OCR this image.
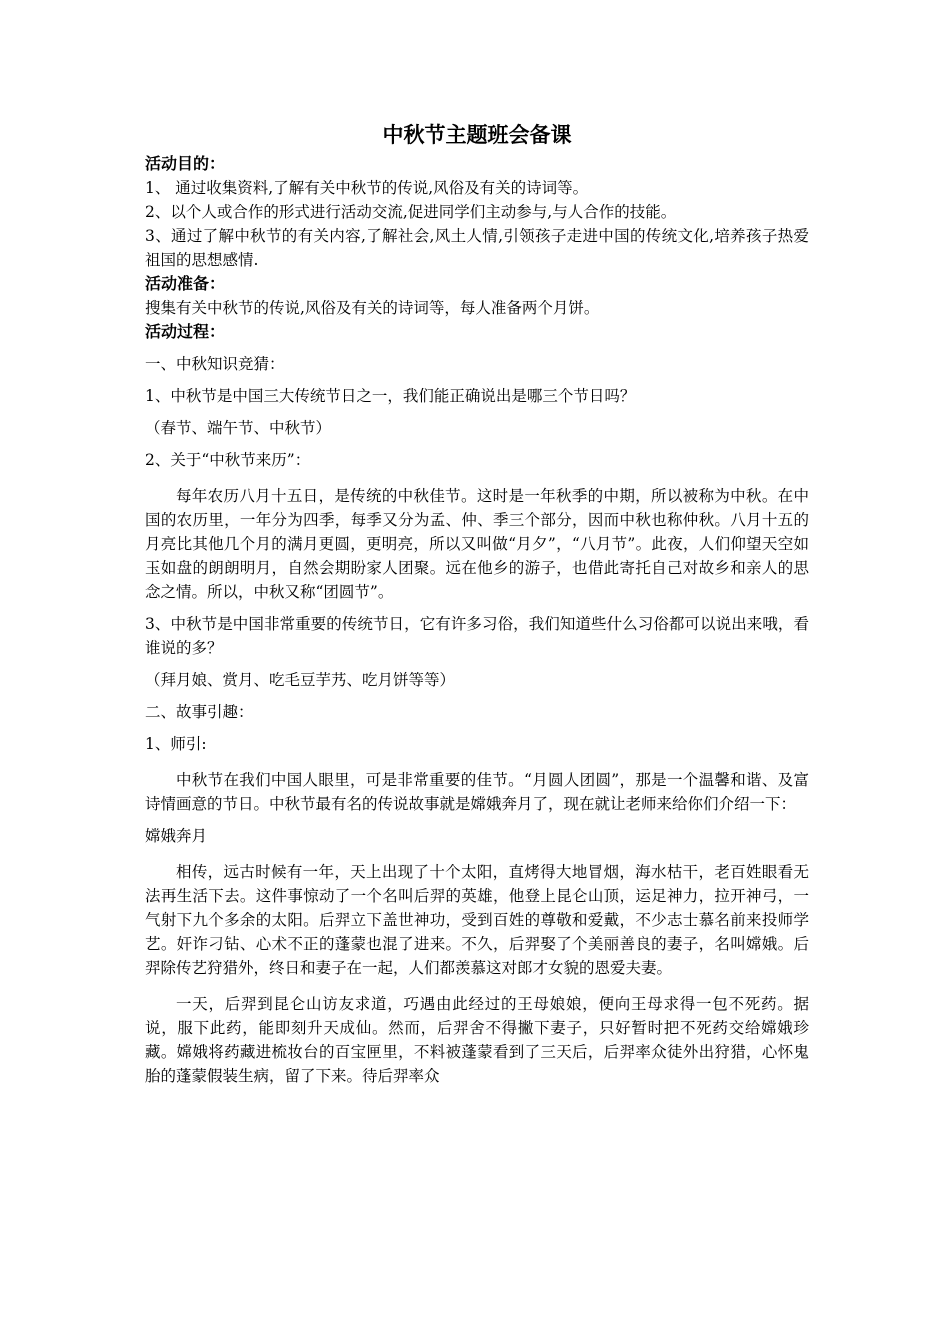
中秋节主题班会备课

活动目的：

1、 通过收集资料,了解有关中秋节的传说,风俗及有关的诗词等。

2、以个人或合作的形式进行活动交流,促进同学们主动参与,与人合作的技能。

3、通过了解中秋节的有关内容,了解社会,风土人情,引领孩子走进中国的传统文化,培养孩子热爱祖国的思想感情.

活动准备：

搜集有关中秋节的传说,风俗及有关的诗词等，每人准备两个月饼。

活动过程：

一、中秋知识竞猜：

1、中秋节是中国三大传统节日之一，我们能正确说出是哪三个节日吗？

（春节、端午节、中秋节）

2、关于“中秋节来历”：

每年农历八月十五日，是传统的中秋佳节。这时是一年秋季的中期，所以被称为中秋。在中国的农历里，一年分为四季，每季又分为孟、仲、季三个部分，因而中秋也称仲秋。八月十五的月亮比其他几个月的满月更圆，更明亮，所以又叫做“月夕”，“八月节”。此夜，人们仰望天空如玉如盘的朗朗明月，自然会期盼家人团聚。远在他乡的游子，也借此寄托自己对故乡和亲人的思念之情。所以，中秋又称“团圆节”。

3、中秋节是中国非常重要的传统节日，它有许多习俗，我们知道些什么习俗都可以说出来哦，看谁说的多？

（拜月娘、赏月、吃毛豆芋艿、吃月饼等等）

二、故事引趣：

1、师引:

中秋节在我们中国人眼里，可是非常重要的佳节。“月圆人团圆”，那是一个温馨和谐、及富诗情画意的节日。中秋节最有名的传说故事就是嫦娥奔月了，现在就让老师来给你们介绍一下：

嫦娥奔月

相传，远古时候有一年，天上出现了十个太阳，直烤得大地冒烟，海水枯干，老百姓眼看无法再生活下去。这件事惊动了一个名叫后羿的英雄，他登上昆仑山顶，运足神力，拉开神弓，一气射下九个多余的太阳。后羿立下盖世神功，受到百姓的尊敬和爱戴，不少志士慕名前来投师学艺。奸诈刁钻、心术不正的蓬蒙也混了进来。不久，后羿娶了个美丽善良的妻子，名叫嫦娥。后羿除传艺狩猎外，终日和妻子在一起，人们都羡慕这对郎才女貌的恩爱夫妻。

一天，后羿到昆仑山访友求道，巧遇由此经过的王母娘娘，便向王母求得一包不死药。据说，服下此药，能即刻升天成仙。然而，后羿舍不得撇下妻子，只好暂时把不死药交给嫦娥珍藏。嫦娥将药藏进梳妆台的百宝匣里，不料被蓬蒙看到了三天后，后羿率众徒外出狩猎，心怀鬼胎的蓬蒙假装生病，留了下来。待后羿率众
